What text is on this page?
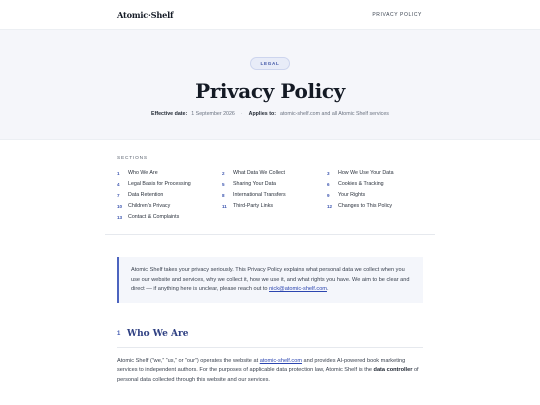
Atomic·Shelf	PRIVACY POLICY
LEGAL
Privacy Policy
Effective date: 1 September 2026	·	Applies to: atomic-shelf.com and all Atomic Shelf services
SECTIONS
1	Who We Are	2	What Data We Collect	3	How We Use Your Data
4	Legal Basis for Processing	5	Sharing Your Data	6	Cookies & Tracking
7	Data Retention	8	International Transfers	9	Your Rights
10	Children's Privacy	11	Third-Party Links	12	Changes to This Policy
13	Contact & Complaints
Atomic Shelf takes your privacy seriously. This Privacy Policy explains what personal data we collect when you use our website and services, why we collect it, how we use it, and what rights you have. We aim to be clear and direct — if anything here is unclear, please reach out to nick@atomic-shelf.com.
1 Who We Are

Atomic Shelf (“we,” “us,” or “our”) operates the website at atomic-shelf.com and provides AI-powered book marketing services to independent authors. For the purposes of applicable data protection law, Atomic Shelf is the data controller of personal data collected through this website and our services.
